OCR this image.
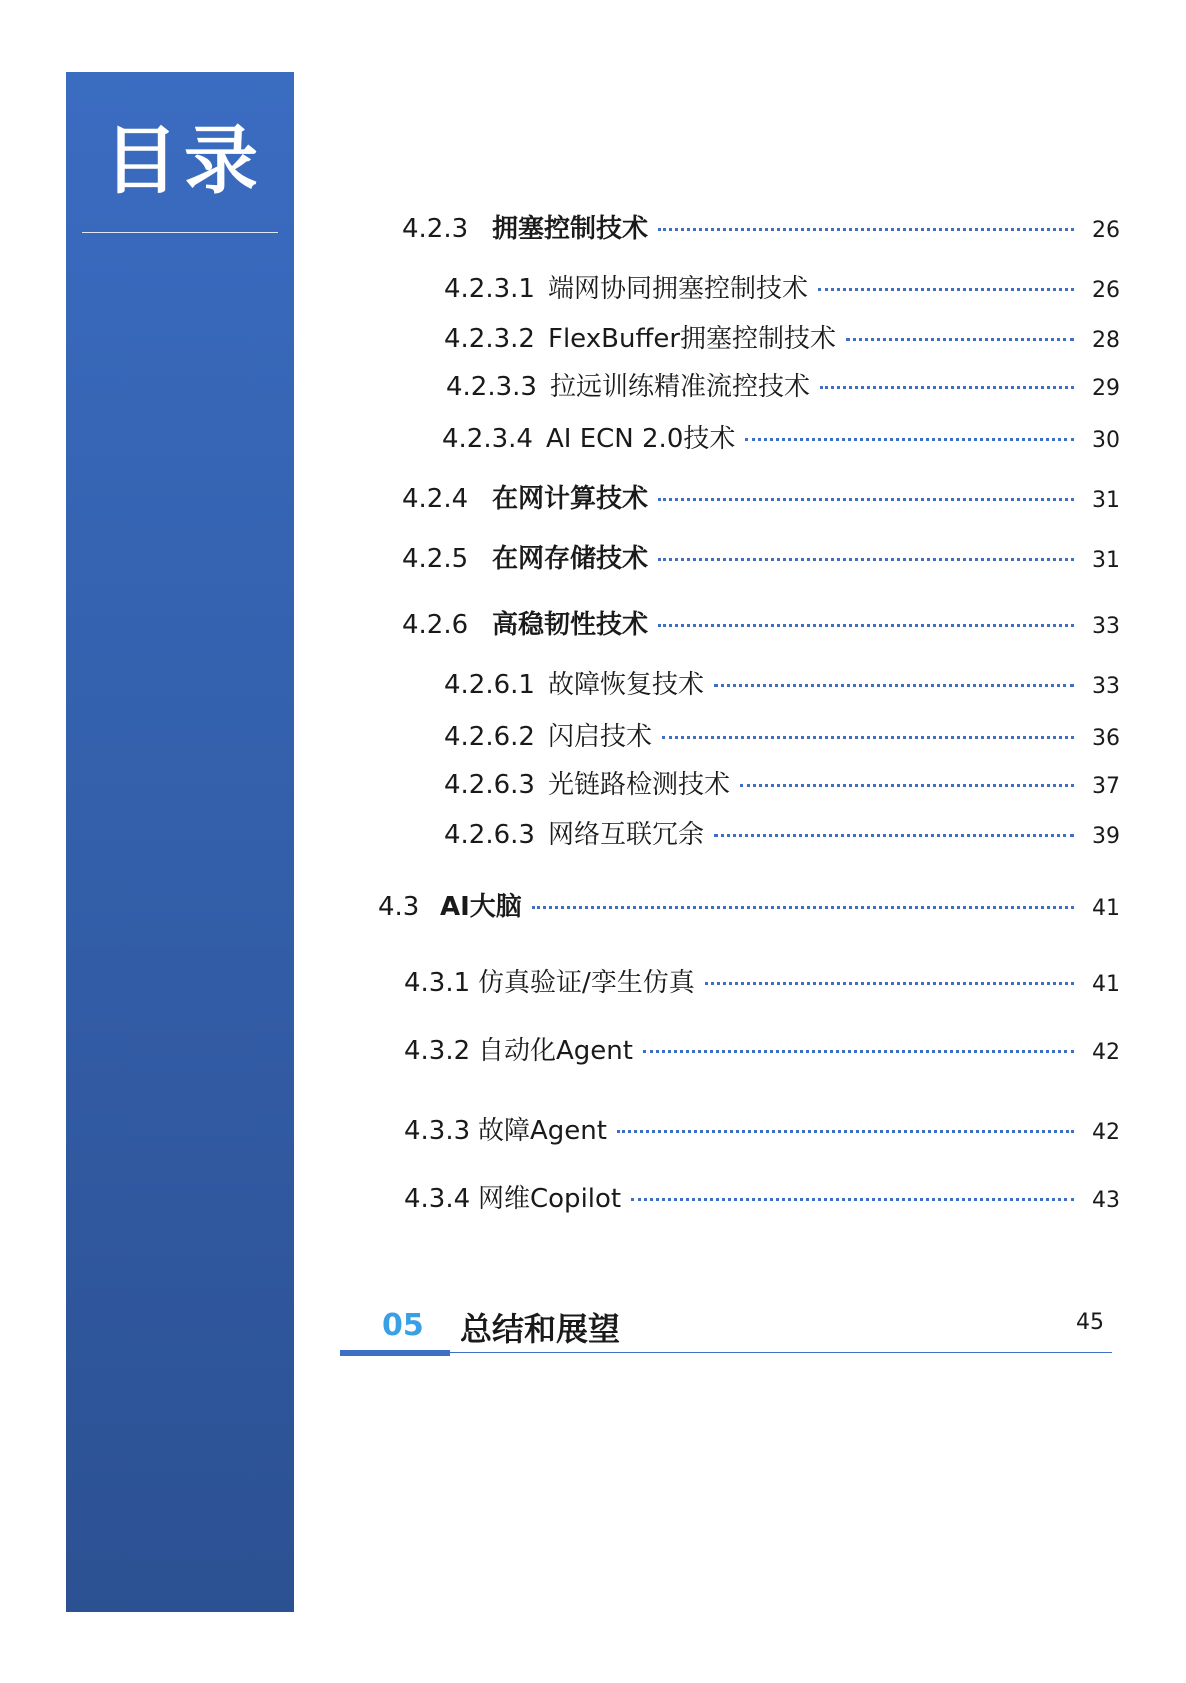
目录
4.2.3 拥塞控制技术	26
4.2.3.1 端网协同拥塞控制技术	26
4.2.3.2 FlexBuffer拥塞控制技术	28
4.2.3.3 拉远训练精准流控技术	29
4.2.3.4 AI ECN 2.0技术	30
4.2.4 在网计算技术	31
4.2.5 在网存储技术	31
4.2.6 高稳韧性技术	33
4.2.6.1 故障恢复技术	33
4.2.6.2 闪启技术	36
4.2.6.3 光链路检测技术	37
4.2.6.3 网络互联冗余	39
4.3 AI大脑	41
4.3.1 仿真验证/孪生仿真	41
4.3.2 自动化Agent	42
4.3.3 故障Agent	42
4.3.4 网维Copilot	43
05 总结和展望	45
